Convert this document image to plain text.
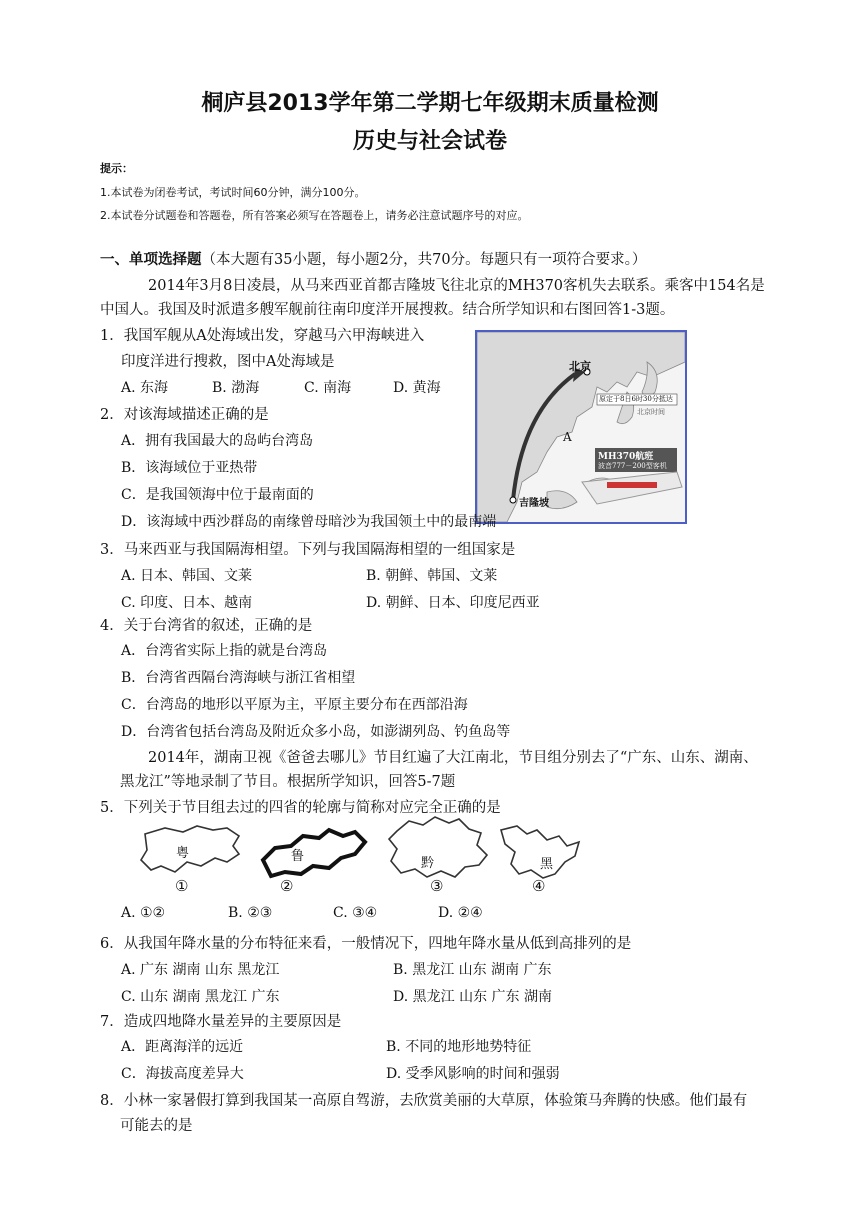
桐庐县2013学年第二学期七年级期末质量检测
历史与社会试卷
提示：
1.本试卷为闭卷考试，考试时间60分钟，满分100分。
2.本试卷分试题卷和答题卷，所有答案必须写在答题卷上，请务必注意试题序号的对应。
一、单项选择题（本大题有35小题，每小题2分，共70分。每题只有一项符合要求。）
2014年3月8日凌晨，从马来西亚首都吉隆坡飞往北京的MH370客机失去联系。乘客中154名是
中国人。我国及时派遣多艘军舰前往南印度洋开展搜救。结合所学知识和右图回答1-3题。
北京
吉隆坡
A
原定于8日6时30分抵达
北京时间
MH370航班
波音777－200型客机
1．我国军舰从A处海域出发，穿越马六甲海峡进入
印度洋进行搜救，图中A处海域是
A. 东海	B. 渤海	C. 南海	D. 黄海
2．对该海域描述正确的是
A．拥有我国最大的岛屿台湾岛
B．该海域位于亚热带
C．是我国领海中位于最南面的
D．该海域中西沙群岛的南缘曾母暗沙为我国领土中的最南端
3．马来西亚与我国隔海相望。下列与我国隔海相望的一组国家是
A. 日本、韩国、文莱	B. 朝鲜、韩国、文莱
C. 印度、日本、越南	D. 朝鲜、日本、印度尼西亚
4．关于台湾省的叙述，正确的是
A．台湾省实际上指的就是台湾岛
B．台湾省西隔台湾海峡与浙江省相望
C．台湾岛的地形以平原为主，平原主要分布在西部沿海
D．台湾省包括台湾岛及附近众多小岛，如澎湖列岛、钓鱼岛等
2014年，湖南卫视《爸爸去哪儿》节目红遍了大江南北，节目组分别去了“广东、山东、湖南、
黑龙江”等地录制了节目。根据所学知识，回答5-7题
5．下列关于节目组去过的四省的轮廓与简称对应完全正确的是
粤
①
鲁
②
黔
③
黑
④
A. ①②	B. ②③	C. ③④	D. ②④
6．从我国年降水量的分布特征来看，一般情况下，四地年降水量从低到高排列的是
A. 广东 湖南 山东 黑龙江	B. 黑龙江 山东 湖南 广东
C. 山东 湖南 黑龙江 广东	D. 黑龙江 山东 广东 湖南
7．造成四地降水量差异的主要原因是
A．距离海洋的远近	B. 不同的地形地势特征
C．海拔高度差异大	D. 受季风影响的时间和强弱
8．小林一家暑假打算到我国某一高原自驾游，去欣赏美丽的大草原，体验策马奔腾的快感。他们最有
可能去的是
